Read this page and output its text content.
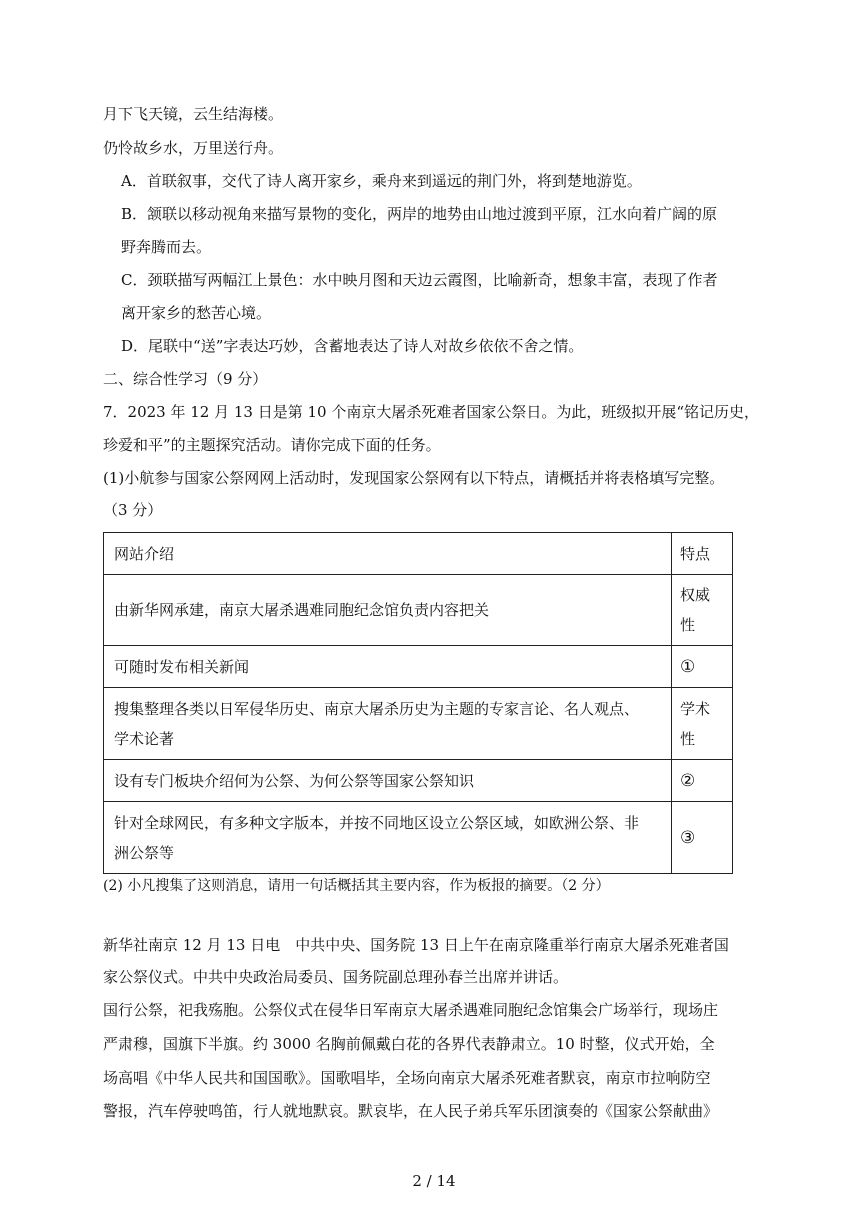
月下飞天镜，云生结海楼。
仍怜故乡水，万里送行舟。
A．首联叙事，交代了诗人离开家乡，乘舟来到遥远的荆门外，将到楚地游览。
B．颔联以移动视角来描写景物的变化，两岸的地势由山地过渡到平原，江水向着广阔的原
野奔腾而去。
C．颈联描写两幅江上景色：水中映月图和天边云霞图，比喻新奇，想象丰富，表现了作者
离开家乡的愁苦心境。
D．尾联中“送”字表达巧妙，含蓄地表达了诗人对故乡依依不舍之情。
二、综合性学习（9 分）
7．2023 年 12 月 13 日是第 10 个南京大屠杀死难者国家公祭日。为此，班级拟开展“铭记历史，
珍爱和平”的主题探究活动。请你完成下面的任务。
(1)小航参与国家公祭网网上活动时，发现国家公祭网有以下特点，请概括并将表格填写完整。
（3 分）
网站介绍	特点
由新华网承建，南京大屠杀遇难同胞纪念馆负责内容把关	权威
性
可随时发布相关新闻	①
搜集整理各类以日军侵华历史、南京大屠杀历史为主题的专家言论、名人观点、
学术论著	学术
性
设有专门板块介绍何为公祭、为何公祭等国家公祭知识	②
针对全球网民，有多种文字版本，并按不同地区设立公祭区域，如欧洲公祭、非
洲公祭等	③
(2) 小凡搜集了这则消息，请用一句话概括其主要内容，作为板报的摘要。（2 分）
新华社南京 12 月 13 日电　中共中央、国务院 13 日上午在南京隆重举行南京大屠杀死难者国
家公祭仪式。中共中央政治局委员、国务院副总理孙春兰出席并讲话。
国行公祭，祀我殇胞。公祭仪式在侵华日军南京大屠杀遇难同胞纪念馆集会广场举行，现场庄
严肃穆，国旗下半旗。约 3000 名胸前佩戴白花的各界代表静肃立。10 时整，仪式开始，全
场高唱《中华人民共和国国歌》。国歌唱毕，全场向南京大屠杀死难者默哀，南京市拉响防空
警报，汽车停驶鸣笛，行人就地默哀。默哀毕，在人民子弟兵军乐团演奏的《国家公祭献曲》
2 / 14
